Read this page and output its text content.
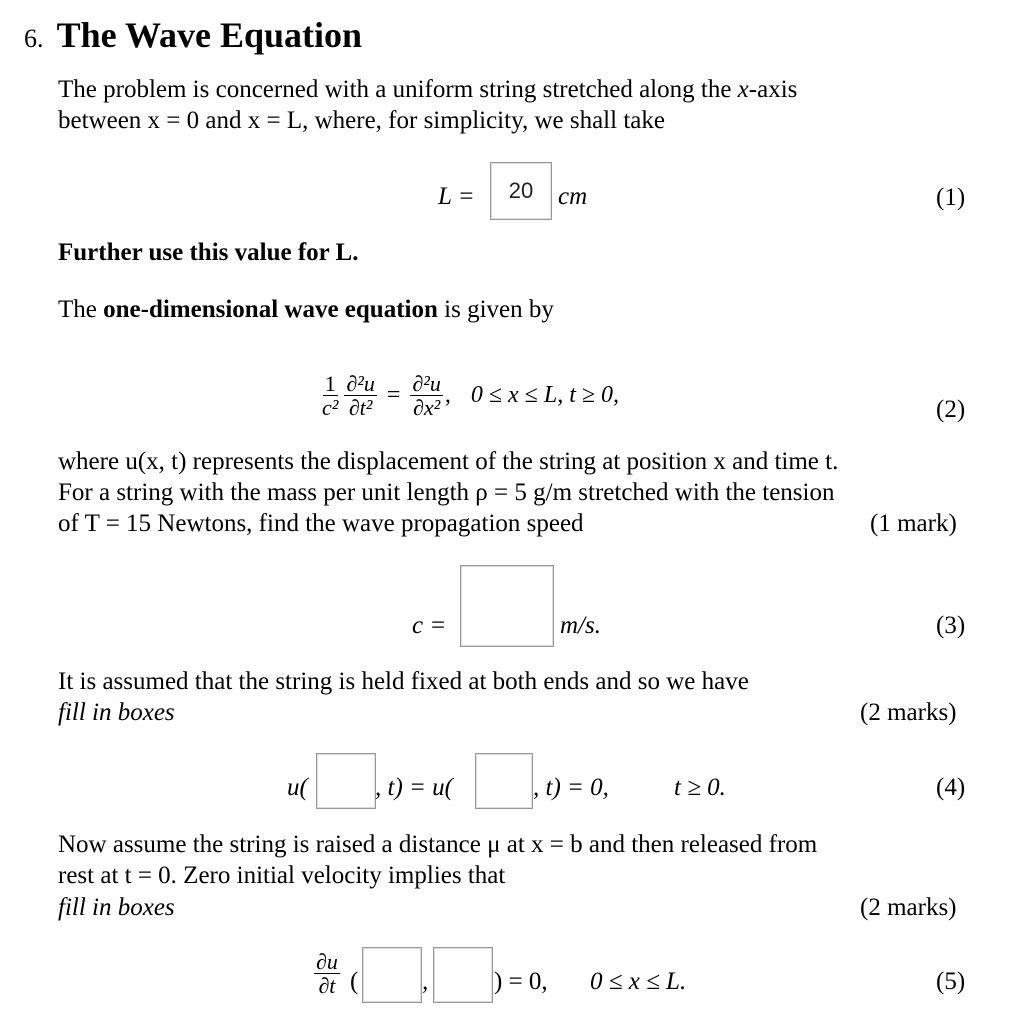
6. The Wave Equation
The problem is concerned with a uniform string stretched along the x-axis
between x = 0 and x = L, where, for simplicity, we shall take
L =
20	cm	(1)
Further use this value for L.
The one-dimensional wave equation is given by
$\frac{1}{\text{c²}} \frac{\text{∂²u}}{\text{∂t²}} = \frac{\text{∂²u}}{\text{∂x²}}$ , 0 ≤ x ≤ L, t ≥ 0,
(2)
where u(x, t) represents the displacement of the string at position x and time t.
For a string with the mass per unit length ρ = 5 g/m stretched with the tension
of T = 15 Newtons, find the wave propagation speed	(1 mark)
c =	m/s.	(3)
It is assumed that the string is held fixed at both ends and so we have
fill in boxes	(2 marks)
u(	, t) = u(	, t) = 0,	t ≥ 0.	(4)
Now assume the string is raised a distance μ at x = b and then released from
rest at t = 0. Zero initial velocity implies that
fill in boxes	(2 marks)
$\frac{\partial u}{\partial t}$ (	,	) = 0, 0 ≤ x ≤ L.	(5)
